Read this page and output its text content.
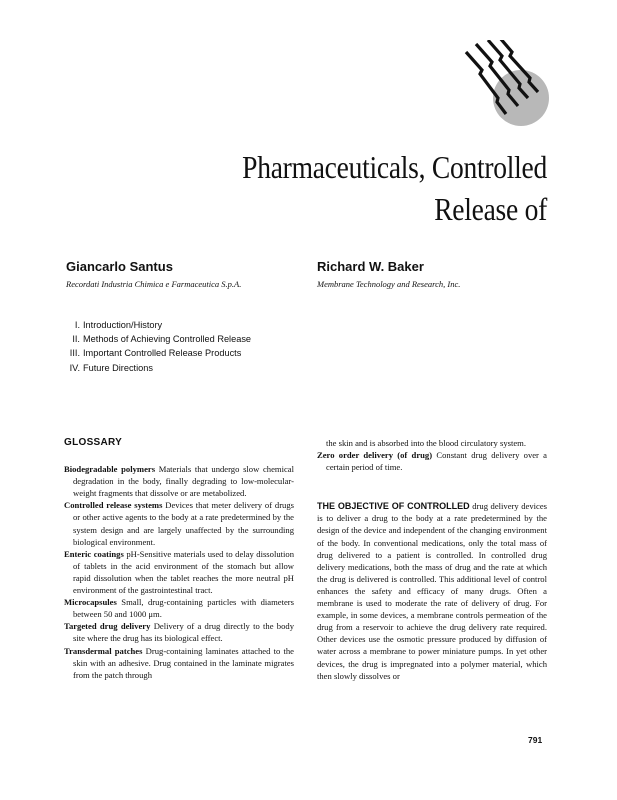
Pharmaceuticals, Controlled
Release of
Giancarlo Santus
Recordati Industria Chimica e Farmaceutica S.p.A.
Richard W. Baker
Membrane Technology and Research, Inc.
I. Introduction/History
II. Methods of Achieving Controlled Release
III. Important Controlled Release Products
IV. Future Directions
GLOSSARY
Biodegradable polymers Materials that undergo slow chemical degradation in the body, finally degrading to low-molecular-weight fragments that dissolve or are metabolized.
Controlled release systems Devices that meter delivery of drugs or other active agents to the body at a rate predetermined by the system design and are largely unaffected by the surrounding biological environment.
Enteric coatings pH-Sensitive materials used to delay dissolution of tablets in the acid environment of the stomach but allow rapid dissolution when the tablet reaches the more neutral pH environment of the gastrointestinal tract.
Microcapsules Small, drug-containing particles with diameters between 50 and 1000 μm.
Targeted drug delivery Delivery of a drug directly to the body site where the drug has its biological effect.
Transdermal patches Drug-containing laminates attached to the skin with an adhesive. Drug contained in the laminate migrates from the patch through
the skin and is absorbed into the blood circulatory system.
Zero order delivery (of drug) Constant drug delivery over a certain period of time.
THE OBJECTIVE OF CONTROLLED drug delivery devices is to deliver a drug to the body at a rate predetermined by the design of the device and independent of the changing environment of the body. In conventional medications, only the total mass of drug delivered to a patient is controlled. In controlled drug delivery medications, both the mass of drug and the rate at which the drug is delivered is controlled. This additional level of control enhances the safety and efficacy of many drugs. Often a membrane is used to moderate the rate of delivery of drug. For example, in some devices, a membrane controls permeation of the drug from a reservoir to achieve the drug delivery rate required. Other devices use the osmotic pressure produced by diffusion of water across a membrane to power miniature pumps. In yet other devices, the drug is impregnated into a polymer material, which then slowly dissolves or
791
